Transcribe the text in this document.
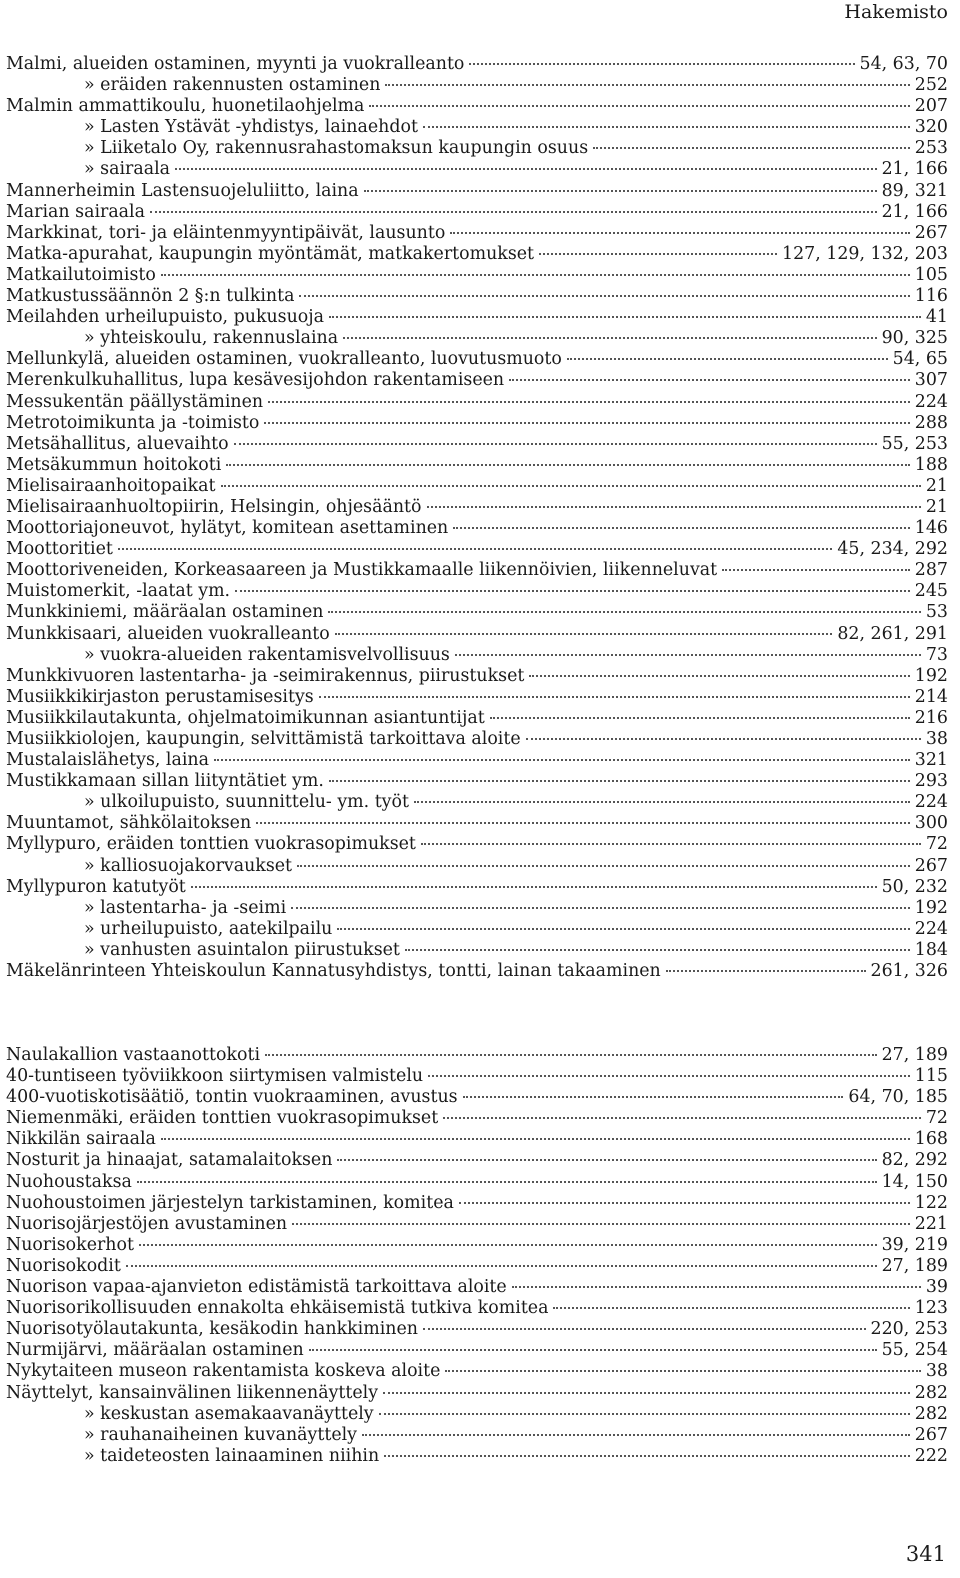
Hakemisto
Malmi, alueiden ostaminen, myynti ja vuokralleanto	54, 63, 70
» eräiden rakennusten ostaminen	252
Malmin ammattikoulu, huonetilaohjelma	207
» Lasten Ystävät -yhdistys, lainaehdot	320
» Liiketalo Oy, rakennusrahastomaksun kaupungin osuus	253
» sairaala	21, 166
Mannerheimin Lastensuojeluliitto, laina	89, 321
Marian sairaala	21, 166
Markkinat, tori- ja eläintenmyyntipäivät, lausunto	267
Matka-apurahat, kaupungin myöntämät, matkakertomukset	127, 129, 132, 203
Matkailutoimisto	105
Matkustussäännön 2 §:n tulkinta	116
Meilahden urheilupuisto, pukusuoja	41
» yhteiskoulu, rakennuslaina	90, 325
Mellunkylä, alueiden ostaminen, vuokralleanto, luovutusmuoto	54, 65
Merenkulkuhallitus, lupa kesävesijohdon rakentamiseen	307
Messukentän päällystäminen	224
Metrotoimikunta ja -toimisto	288
Metsähallitus, aluevaihto	55, 253
Metsäkummun hoitokoti	188
Mielisairaanhoitopaikat	21
Mielisairaanhuoltopiirin, Helsingin, ohjesääntö	21
Moottoriajoneuvot, hylätyt, komitean asettaminen	146
Moottoritiet	45, 234, 292
Moottoriveneiden, Korkeasaareen ja Mustikkamaalle liikennöivien, liikenneluvat	287
Muistomerkit, -laatat ym.	245
Munkkiniemi, määräalan ostaminen	53
Munkkisaari, alueiden vuokralleanto	82, 261, 291
» vuokra-alueiden rakentamisvelvollisuus	73
Munkkivuoren lastentarha- ja -seimirakennus, piirustukset	192
Musiikkikirjaston perustamisesitys	214
Musiikkilautakunta, ohjelmatoimikunnan asiantuntijat	216
Musiikkiolojen, kaupungin, selvittämistä tarkoittava aloite	38
Mustalaislähetys, laina	321
Mustikkamaan sillan liityntätiet ym.	293
» ulkoilupuisto, suunnittelu- ym. työt	224
Muuntamot, sähkölaitoksen	300
Myllypuro, eräiden tonttien vuokrasopimukset	72
» kalliosuojakorvaukset	267
Myllypuron katutyöt	50, 232
» lastentarha- ja -seimi	192
» urheilupuisto, aatekilpailu	224
» vanhusten asuintalon piirustukset	184
Mäkelänrinteen Yhteiskoulun Kannatusyhdistys, tontti, lainan takaaminen	261, 326
Naulakallion vastaanottokoti	27, 189
40-tuntiseen työviikkoon siirtymisen valmistelu	115
400-vuotiskotisäätiö, tontin vuokraaminen, avustus	64, 70, 185
Niemenmäki, eräiden tonttien vuokrasopimukset	72
Nikkilän sairaala	168
Nosturit ja hinaajat, satamalaitoksen	82, 292
Nuohoustaksa	14, 150
Nuohoustoimen järjestelyn tarkistaminen, komitea	122
Nuorisojärjestöjen avustaminen	221
Nuorisokerhot	39, 219
Nuorisokodit	27, 189
Nuorison vapaa-ajanvieton edistämistä tarkoittava aloite	39
Nuorisorikollisuuden ennakolta ehkäisemistä tutkiva komitea	123
Nuorisotyölautakunta, kesäkodin hankkiminen	220, 253
Nurmijärvi, määräalan ostaminen	55, 254
Nykytaiteen museon rakentamista koskeva aloite	38
Näyttelyt, kansainvälinen liikennenäyttely	282
» keskustan asemakaavanäyttely	282
» rauhanaiheinen kuvanäyttely	267
» taideteosten lainaaminen niihin	222
341
